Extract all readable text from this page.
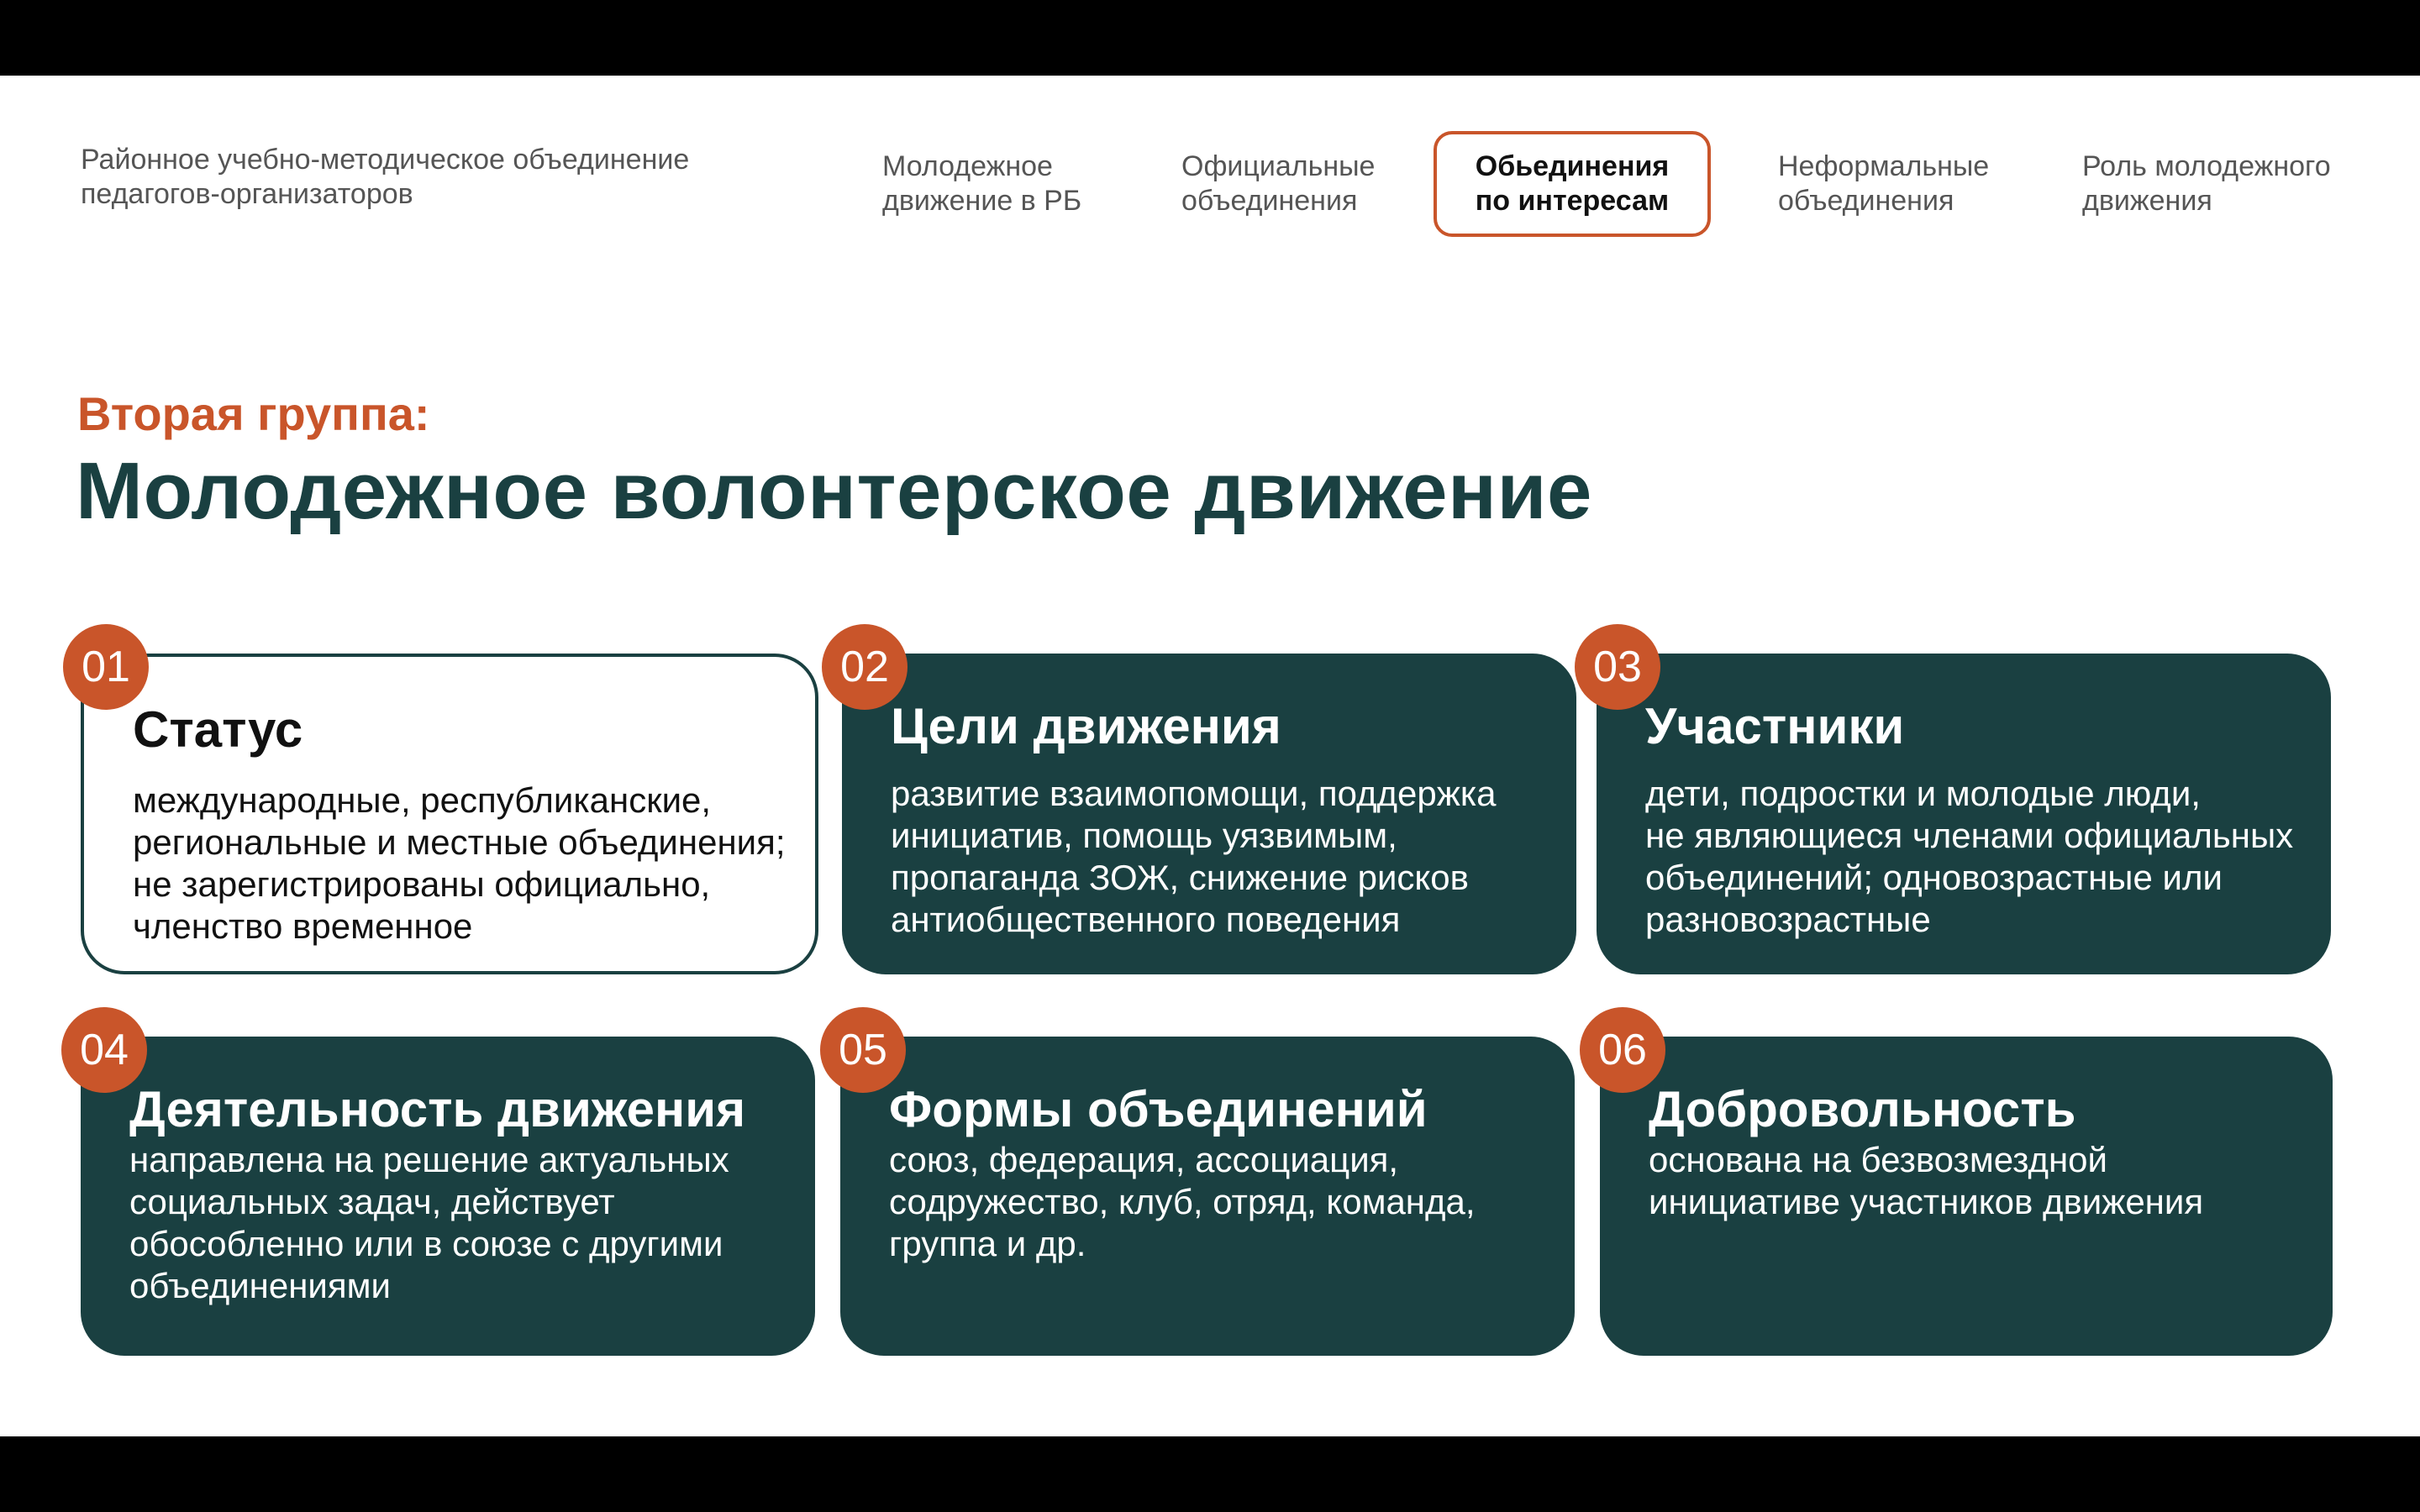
Районное учебно-методическое объединение
педагогов-организаторов
Молодежное
движение в РБ
Официальные
объединения
Обьединения
по интересам
Неформальные
объединения
Роль молодежного
движения
Вторая группа:
Молодежное волонтерское движение
Статус
международные, республиканские,
региональные и местные объединения;
не зарегистрированы официально,
членство временное
01
Цели движения
развитие взаимопомощи, поддержка
инициатив, помощь уязвимым,
пропаганда ЗОЖ, снижение рисков
антиобщественного поведения
02
Участники
дети, подростки и молодые люди,
не являющиеся членами официальных
объединений; одновозрастные или
разновозрастные
03
Деятельность движения
направлена на решение актуальных
социальных задач, действует
обособленно или в союзе с другими
объединениями
04
Формы объединений
союз, федерация, ассоциация,
содружество, клуб, отряд, команда,
группа и др.
05
Добровольность
основана на безвозмездной
инициативе участников движения
06
